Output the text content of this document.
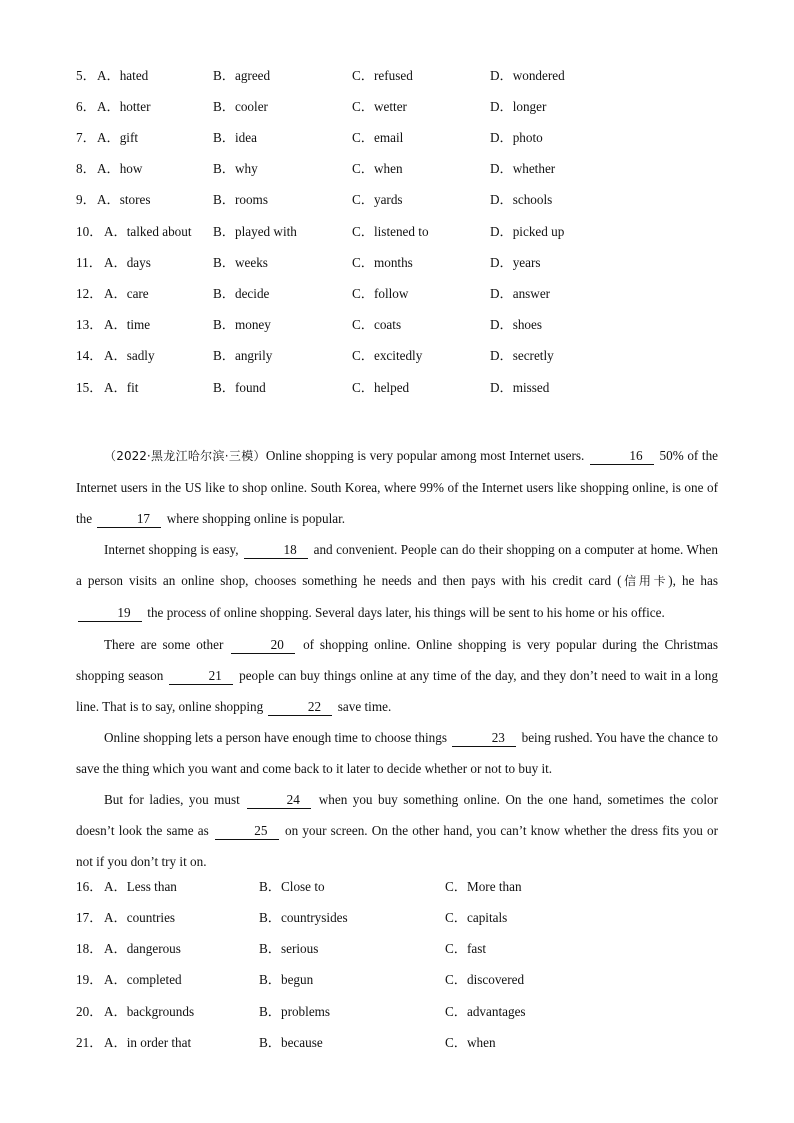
5． A．hated	B．agreed	C．refused	D．wondered
6． A．hotter	B．cooler	C．wetter	D．longer
7． A．gift	B．idea	C．email	D．photo
8． A．how	B．why	C．when	D．whether
9． A．stores	B．rooms	C．yards	D．schools
10． A．talked about B．played with	C．listened to	D．picked up
11． A．days	B．weeks	C．months	D．years
12． A．care	B．decide	C．follow	D．answer
13． A．time	B．money	C．coats	D．shoes
14． A．sadly	B．angrily	C．excitedly	D．secretly
15． A．fit	B．found	C．helped	D．missed

（2022·黑龙江哈尔滨·三模）Online shopping is very popular among most Internet users.	16 50% of the Internet users in the US like to shop online. South Korea, where 99% of the Internet users like shopping online, is one of the	17 where shopping online is popular.

Internet shopping is easy,	18 and convenient. People can do their shopping on a computer at home. When a person visits an online shop, chooses something he needs and then pays with his credit card (信用卡), he has 19 the process of online shopping. Several days later, his things will be sent to his home or his office.

There are some other	20 of shopping online. Online shopping is very popular during the Christmas shopping season	21 people can buy things online at any time of the day, and they don’t need to wait in a long line. That is to say, online shopping	22 save time.

Online shopping lets a person have enough time to choose things	23 being rushed. You have the chance to save the thing which you want and come back to it later to decide whether or not to buy it.

But for ladies, you must	24 when you buy something online. On the one hand, sometimes the color doesn’t look the same as	25 on your screen. On the other hand, you can’t know whether the dress fits you or not if you don’t try it on.

16． A．Less than	B．Close to	C．More than
17． A．countries	B．countrysides	C．capitals
18． A．dangerous	B．serious	C．fast
19． A．completed	B．begun	C．discovered
20． A．backgrounds	B．problems	C．advantages
21． A．in order that	B．because	C．when
